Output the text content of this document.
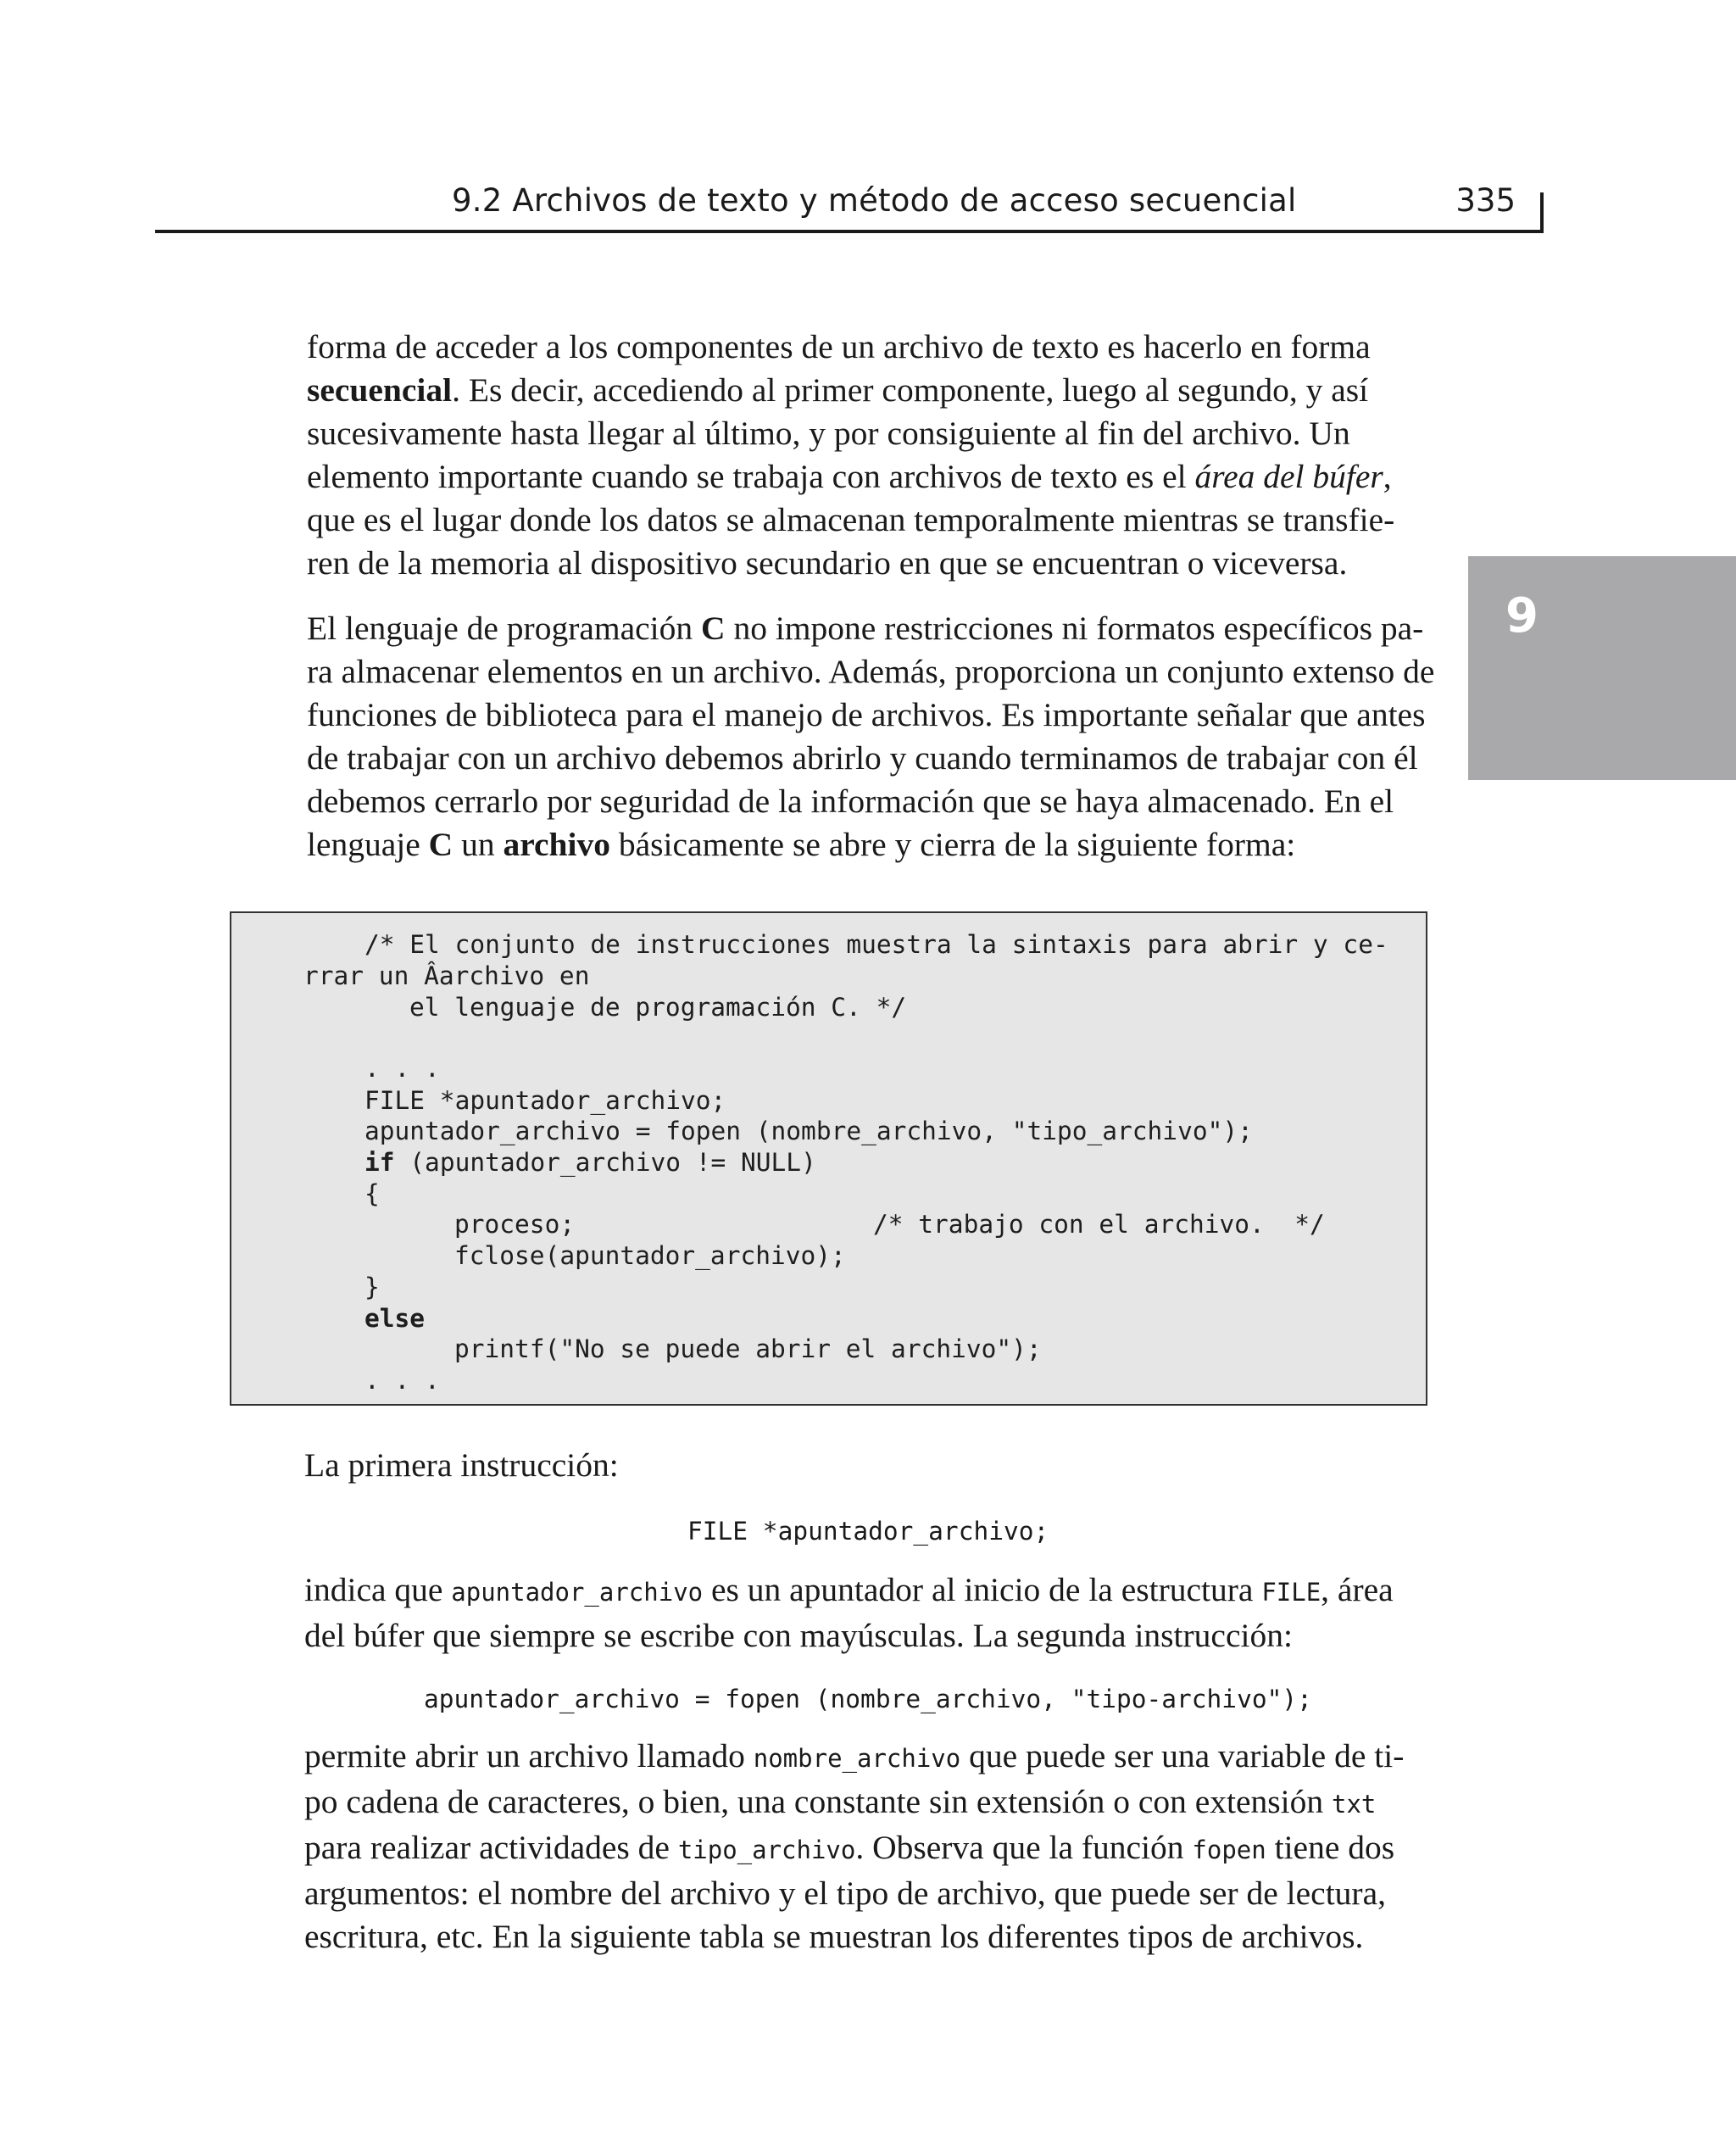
9.2 Archivos de texto y método de acceso secuencial	335
9
forma de acceder a los componentes de un archivo de texto es hacerlo en forma
secuencial. Es decir, accediendo al primer componente, luego al segundo, y así
sucesivamente hasta llegar al último, y por consiguiente al fin del archivo. Un
elemento importante cuando se trabaja con archivos de texto es el área del búfer,
que es el lugar donde los datos se almacenan temporalmente mientras se transfie-
ren de la memoria al dispositivo secundario en que se encuentran o viceversa.
El lenguaje de programación C no impone restricciones ni formatos específicos pa-
ra almacenar elementos en un archivo. Además, proporciona un conjunto extenso de
funciones de biblioteca para el manejo de archivos. Es importante señalar que antes
de trabajar con un archivo debemos abrirlo y cuando terminamos de trabajar con él
debemos cerrarlo por seguridad de la información que se haya almacenado. En el
lenguaje C un archivo básicamente se abre y cierra de la siguiente forma:
/* El conjunto de instrucciones muestra la sintaxis para abrir y ce-
rrar un Âarchivo en
el lenguaje de programación C. */
. . .
FILE *apuntador_archivo;
apuntador_archivo = fopen (nombre_archivo, "tipo_archivo");
if (apuntador_archivo != NULL)
{
proceso;	/* trabajo con el archivo.  */
fclose(apuntador_archivo);
}
else
printf("No se puede abrir el archivo");
. . .
La primera instrucción:
FILE *apuntador_archivo;
indica que apuntador_archivo es un apuntador al inicio de la estructura FILE, área
del búfer que siempre se escribe con mayúsculas. La segunda instrucción:
apuntador_archivo = fopen (nombre_archivo, "tipo-archivo");
permite abrir un archivo llamado nombre_archivo que puede ser una variable de ti-
po cadena de caracteres, o bien, una constante sin extensión o con extensión txt
para realizar actividades de tipo_archivo. Observa que la función fopen tiene dos
argumentos: el nombre del archivo y el tipo de archivo, que puede ser de lectura,
escritura, etc. En la siguiente tabla se muestran los diferentes tipos de archivos.
